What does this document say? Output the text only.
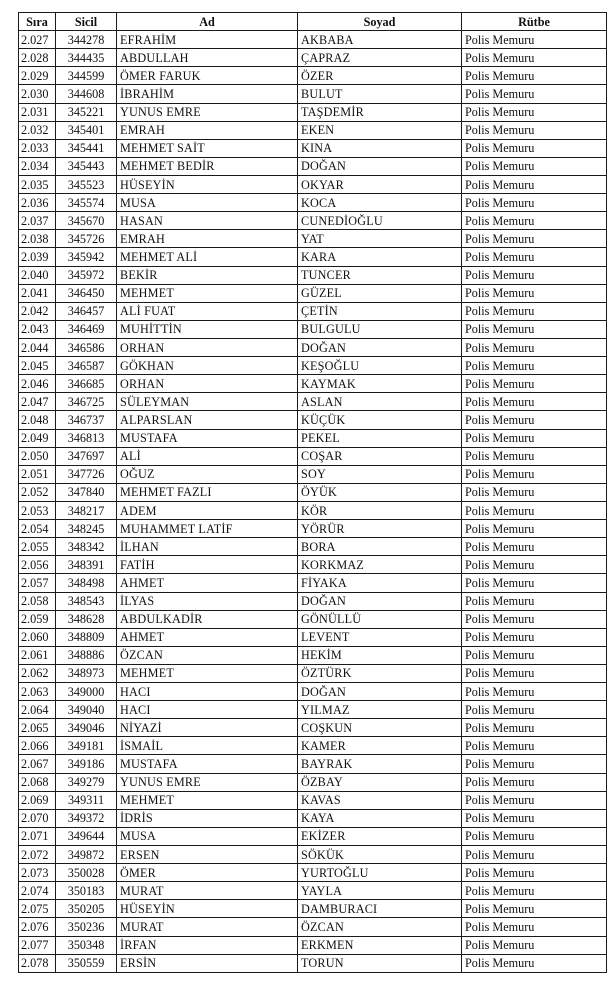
Sıra	Sicil	Ad	Soyad	Rütbe
2.027	344278	EFRAHİM	AKBABA	Polis Memuru
2.028	344435	ABDULLAH	ÇAPRAZ	Polis Memuru
2.029	344599	ÖMER FARUK	ÖZER	Polis Memuru
2.030	344608	İBRAHİM	BULUT	Polis Memuru
2.031	345221	YUNUS EMRE	TAŞDEMİR	Polis Memuru
2.032	345401	EMRAH	EKEN	Polis Memuru
2.033	345441	MEHMET SAİT	KINA	Polis Memuru
2.034	345443	MEHMET BEDİR	DOĞAN	Polis Memuru
2.035	345523	HÜSEYİN	OKYAR	Polis Memuru
2.036	345574	MUSA	KOCA	Polis Memuru
2.037	345670	HASAN	CUNEDİOĞLU	Polis Memuru
2.038	345726	EMRAH	YAT	Polis Memuru
2.039	345942	MEHMET ALİ	KARA	Polis Memuru
2.040	345972	BEKİR	TUNCER	Polis Memuru
2.041	346450	MEHMET	GÜZEL	Polis Memuru
2.042	346457	ALİ FUAT	ÇETİN	Polis Memuru
2.043	346469	MUHİTTİN	BULGULU	Polis Memuru
2.044	346586	ORHAN	DOĞAN	Polis Memuru
2.045	346587	GÖKHAN	KEŞOĞLU	Polis Memuru
2.046	346685	ORHAN	KAYMAK	Polis Memuru
2.047	346725	SÜLEYMAN	ASLAN	Polis Memuru
2.048	346737	ALPARSLAN	KÜÇÜK	Polis Memuru
2.049	346813	MUSTAFA	PEKEL	Polis Memuru
2.050	347697	ALİ	COŞAR	Polis Memuru
2.051	347726	OĞUZ	SOY	Polis Memuru
2.052	347840	MEHMET FAZLI	ÖYÜK	Polis Memuru
2.053	348217	ADEM	KÖR	Polis Memuru
2.054	348245	MUHAMMET LATİF	YÖRÜR	Polis Memuru
2.055	348342	İLHAN	BORA	Polis Memuru
2.056	348391	FATİH	KORKMAZ	Polis Memuru
2.057	348498	AHMET	FİYAKA	Polis Memuru
2.058	348543	İLYAS	DOĞAN	Polis Memuru
2.059	348628	ABDULKADİR	GÖNÜLLÜ	Polis Memuru
2.060	348809	AHMET	LEVENT	Polis Memuru
2.061	348886	ÖZCAN	HEKİM	Polis Memuru
2.062	348973	MEHMET	ÖZTÜRK	Polis Memuru
2.063	349000	HACI	DOĞAN	Polis Memuru
2.064	349040	HACI	YILMAZ	Polis Memuru
2.065	349046	NİYAZİ	COŞKUN	Polis Memuru
2.066	349181	İSMAİL	KAMER	Polis Memuru
2.067	349186	MUSTAFA	BAYRAK	Polis Memuru
2.068	349279	YUNUS EMRE	ÖZBAY	Polis Memuru
2.069	349311	MEHMET	KAVAS	Polis Memuru
2.070	349372	İDRİS	KAYA	Polis Memuru
2.071	349644	MUSA	EKİZER	Polis Memuru
2.072	349872	ERSEN	SÖKÜK	Polis Memuru
2.073	350028	ÖMER	YURTOĞLU	Polis Memuru
2.074	350183	MURAT	YAYLA	Polis Memuru
2.075	350205	HÜSEYİN	DAMBURACI	Polis Memuru
2.076	350236	MURAT	ÖZCAN	Polis Memuru
2.077	350348	İRFAN	ERKMEN	Polis Memuru
2.078	350559	ERSİN	TORUN	Polis Memuru
